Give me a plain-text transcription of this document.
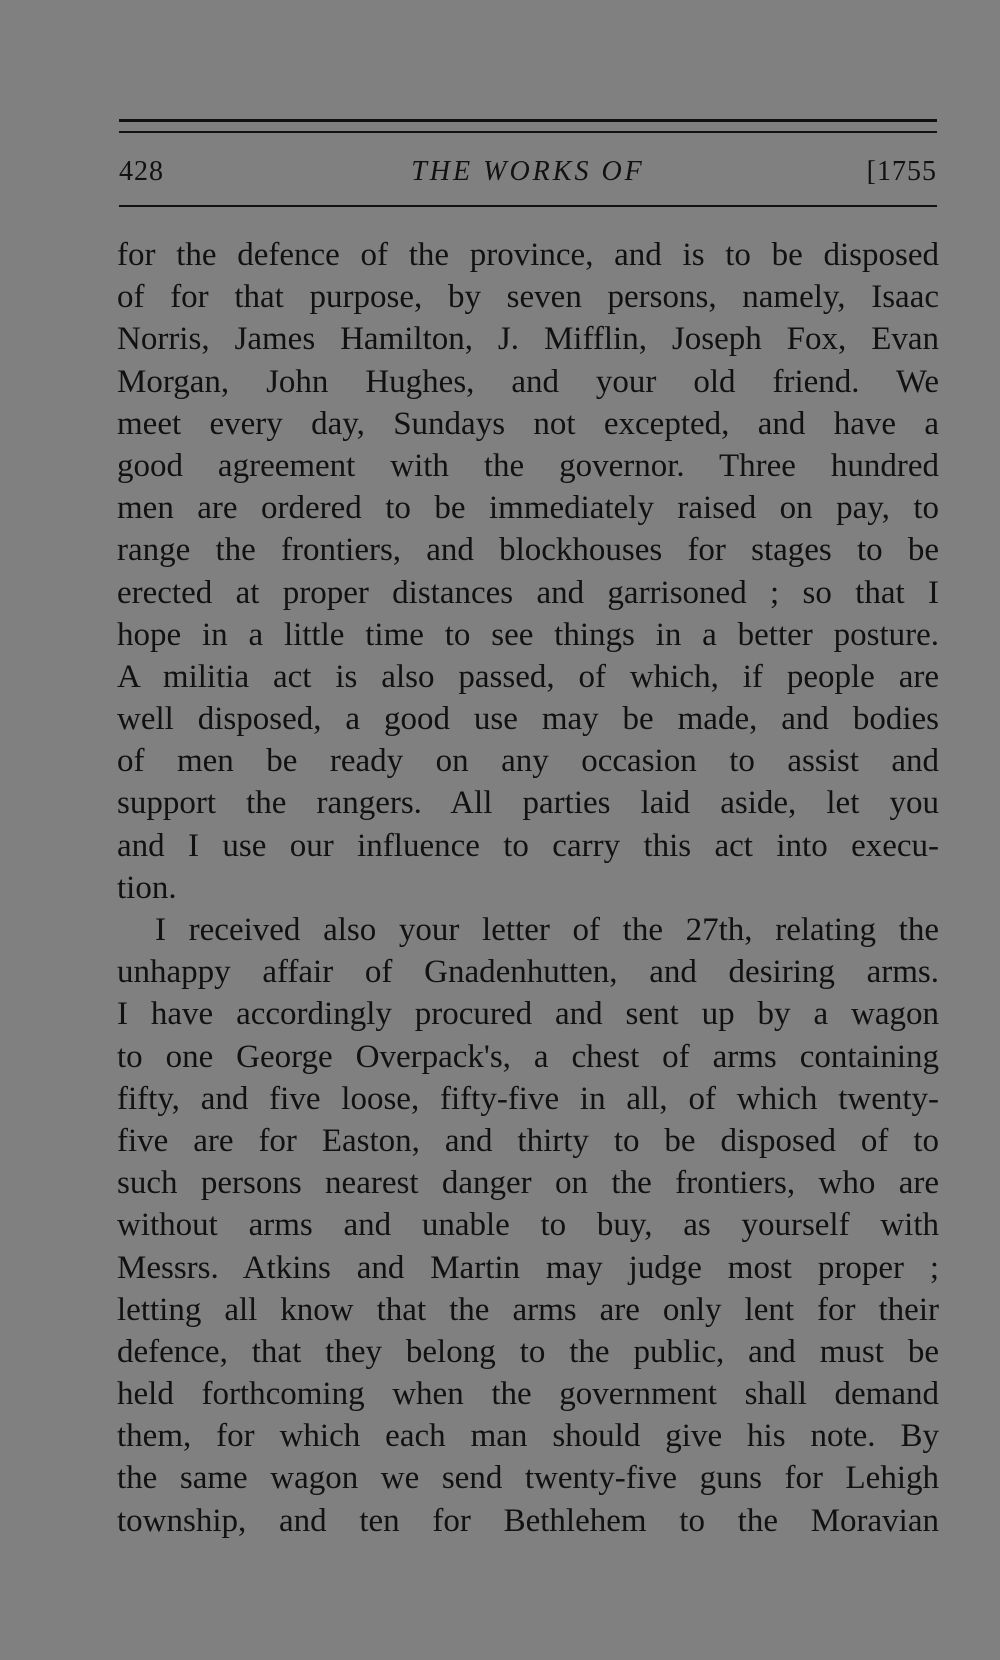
428	THE WORKS OF	[1755
for the defence of the province, and is to be disposed
of for that purpose, by seven persons, namely, Isaac
Norris, James Hamilton, J. Mifflin, Joseph Fox, Evan
Morgan, John Hughes, and your old friend. We
meet every day, Sundays not excepted, and have a
good agreement with the governor. Three hundred
men are ordered to be immediately raised on pay, to
range the frontiers, and blockhouses for stages to be
erected at proper distances and garrisoned ; so that I
hope in a little time to see things in a better posture.
A militia act is also passed, of which, if people are
well disposed, a good use may be made, and bodies
of men be ready on any occasion to assist and
support the rangers. All parties laid aside, let you
and I use our influence to carry this act into execu-
tion.
I received also your letter of the 27th, relating the
unhappy affair of Gnadenhutten, and desiring arms.
I have accordingly procured and sent up by a wagon
to one George Overpack's, a chest of arms containing
fifty, and five loose, fifty-five in all, of which twenty-
five are for Easton, and thirty to be disposed of to
such persons nearest danger on the frontiers, who are
without arms and unable to buy, as yourself with
Messrs. Atkins and Martin may judge most proper ;
letting all know that the arms are only lent for their
defence, that they belong to the public, and must be
held forthcoming when the government shall demand
them, for which each man should give his note. By
the same wagon we send twenty-five guns for Lehigh
township, and ten for Bethlehem to the Moravian
